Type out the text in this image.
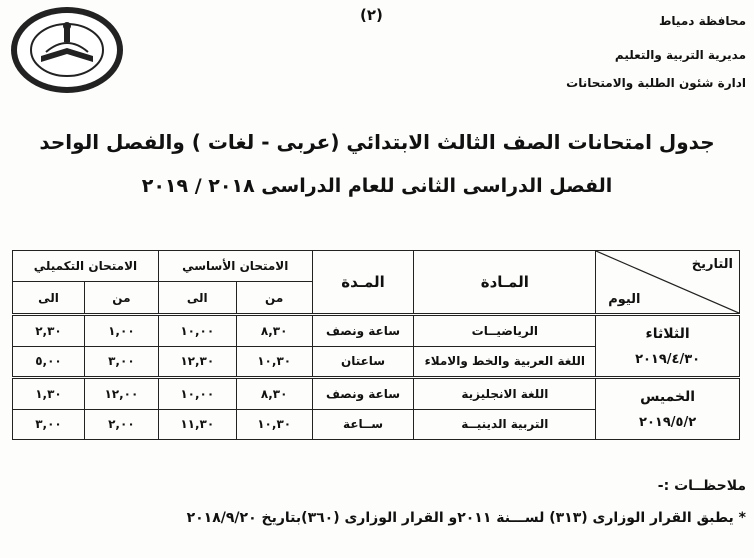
محافظة دمياط
مديرية التربية والتعليم
ادارة شئون الطلبة والامتحانات
(٢)
جدول امتحانات الصف الثالث الابتدائي (عربى - لغات ) والفصل الواحد
الفصل الدراسى الثانى للعام الدراسى ٢٠١٨ / ٢٠١٩
التاريخ
اليوم	المـادة	المـدة	الامتحان الأساسي		الامتحان التكميلي	
			من	الى	من	الى

الثلاثاء
٢٠١٩/٤/٣٠	الرياضيــات	ساعة ونصف	٨,٣٠	١٠,٠٠	١,٠٠	٢,٣٠
	اللغة العربية والخط والاملاء	ساعتان	١٠,٣٠	١٢,٣٠	٣,٠٠	٥,٠٠

الخميس
٢٠١٩/٥/٢	اللغة الانجليزية	ساعة ونصف	٨,٣٠	١٠,٠٠	١٢,٠٠	١,٣٠
	التربية الدينيــة	ســاعة	١٠,٣٠	١١,٣٠	٢,٠٠	٣,٠٠
ملاحظــات :-
* يطبق القرار الوزارى (٣١٣) لســـنة ٢٠١١و القرار الوزارى (٣٦٠)بتاريخ ٢٠١٨/٩/٢٠
